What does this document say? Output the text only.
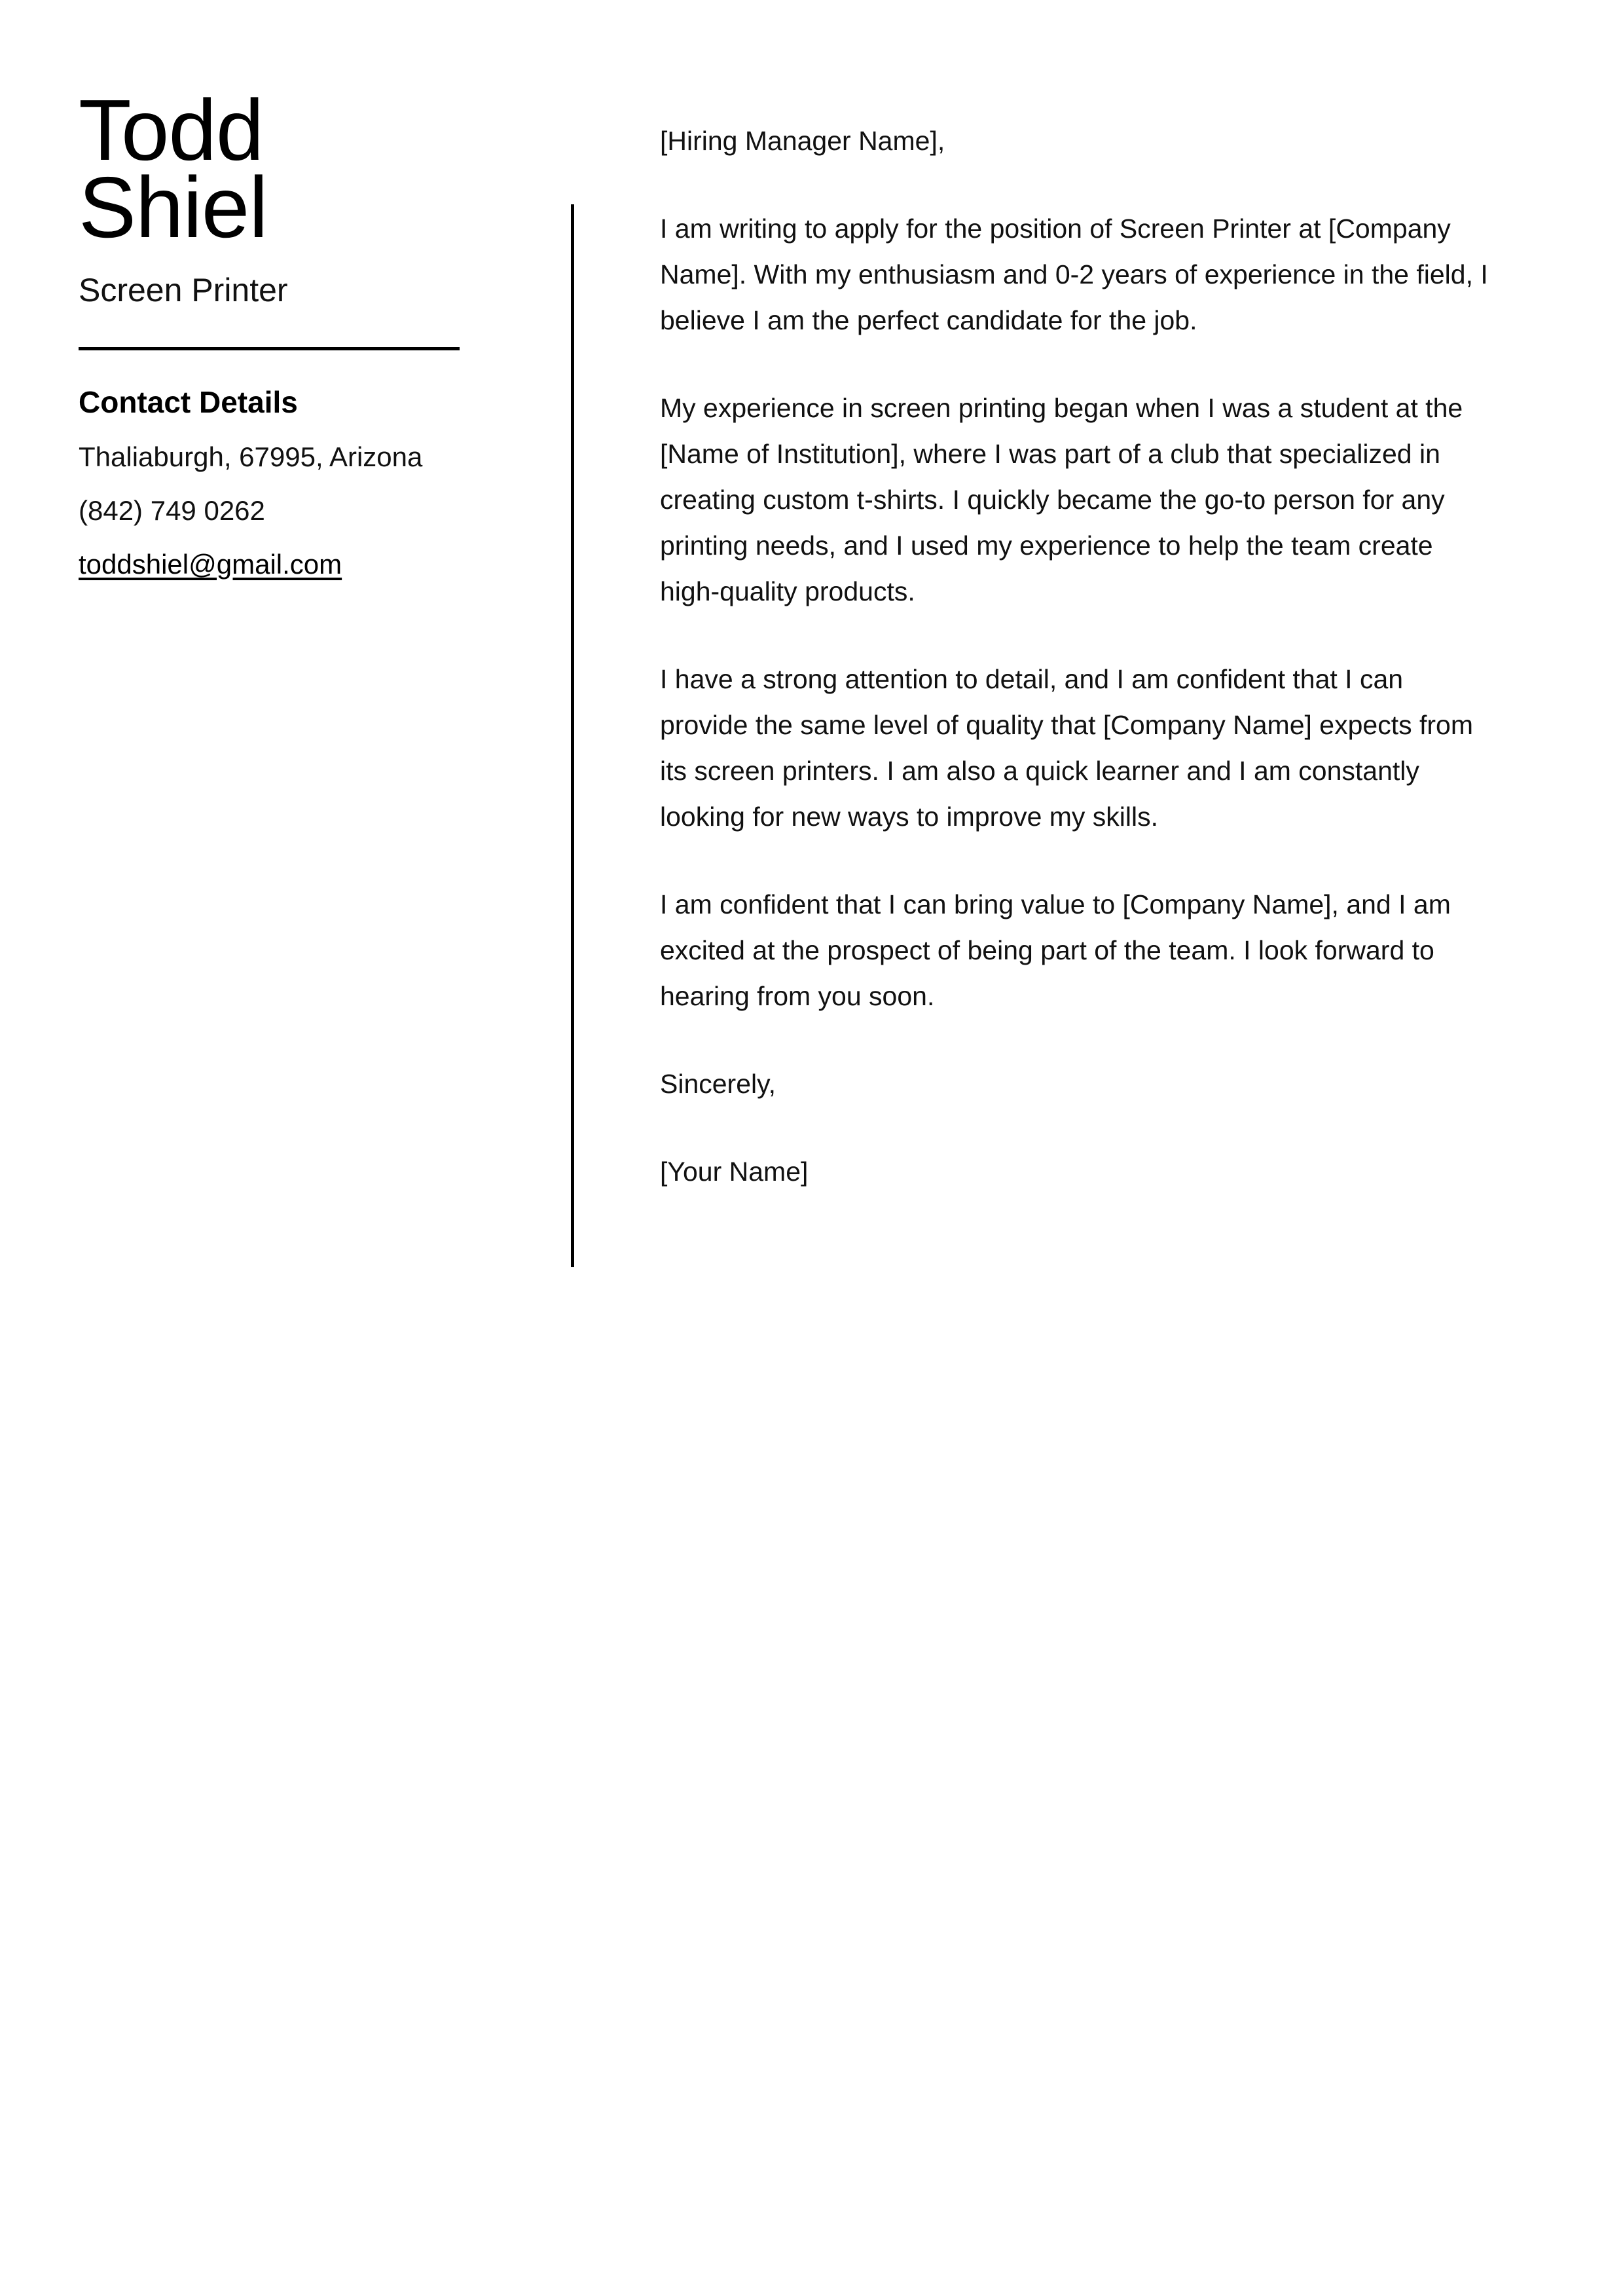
Todd
Shiel
Screen Printer
Contact Details
Thaliaburgh, 67995, Arizona
(842) 749 0262
toddshiel@gmail.com

[Hiring Manager Name],

I am writing to apply for the position of Screen Printer at [Company Name]. With my enthusiasm and 0-2 years of experience in the field, I believe I am the perfect candidate for the job.

My experience in screen printing began when I was a student at the [Name of Institution], where I was part of a club that specialized in creating custom t-shirts. I quickly became the go-to person for any printing needs, and I used my experience to help the team create high-quality products.

I have a strong attention to detail, and I am confident that I can provide the same level of quality that [Company Name] expects from its screen printers. I am also a quick learner and I am constantly looking for new ways to improve my skills.

I am confident that I can bring value to [Company Name], and I am excited at the prospect of being part of the team. I look forward to hearing from you soon.

Sincerely,

[Your Name]
